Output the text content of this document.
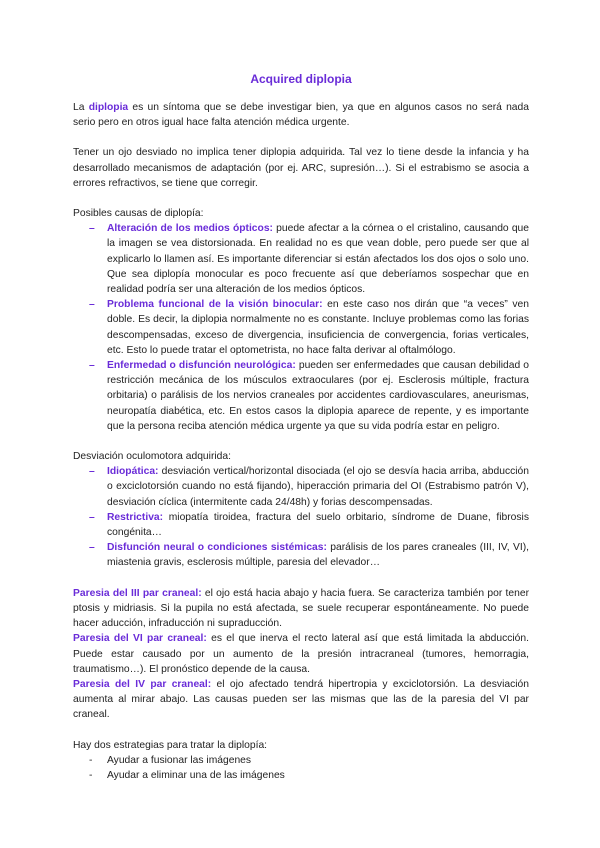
Acquired diplopia

La diplopia es un síntoma que se debe investigar bien, ya que en algunos casos no será nada serio pero en otros igual hace falta atención médica urgente.

Tener un ojo desviado no implica tener diplopia adquirida. Tal vez lo tiene desde la infancia y ha desarrollado mecanismos de adaptación (por ej. ARC, supresión…). Si el estrabismo se asocia a errores refractivos, se tiene que corregir.

Posibles causas de diplopía:

– Alteración de los medios ópticos: puede afectar a la córnea o el cristalino, causando que la imagen se vea distorsionada. En realidad no es que vean doble, pero puede ser que al explicarlo lo llamen así. Es importante diferenciar si están afectados los dos ojos o solo uno. Que sea diplopía monocular es poco frecuente así que deberíamos sospechar que en realidad podría ser una alteración de los medios ópticos.
– Problema funcional de la visión binocular: en este caso nos dirán que “a veces” ven doble. Es decir, la diplopia normalmente no es constante. Incluye problemas como las forias descompensadas, exceso de divergencia, insuficiencia de convergencia, forias verticales, etc. Esto lo puede tratar el optometrista, no hace falta derivar al oftalmólogo.
– Enfermedad o disfunción neurológica: pueden ser enfermedades que causan debilidad o restricción mecánica de los músculos extraoculares (por ej. Esclerosis múltiple, fractura orbitaria) o parálisis de los nervios craneales por accidentes cardiovasculares, aneurismas, neuropatía diabética, etc. En estos casos la diplopia aparece de repente, y es importante que la persona reciba atención médica urgente ya que su vida podría estar en peligro.

Desviación oculomotora adquirida:

– Idiopática: desviación vertical/horizontal disociada (el ojo se desvía hacia arriba, abducción o exciclotorsión cuando no está fijando), hiperacción primaria del OI (Estrabismo patrón V), desviación cíclica (intermitente cada 24/48h) y forias descompensadas.
– Restrictiva: miopatía tiroidea, fractura del suelo orbitario, síndrome de Duane, fibrosis congénita…
– Disfunción neural o condiciones sistémicas: parálisis de los pares craneales (III, IV, VI), miastenia gravis, esclerosis múltiple, paresia del elevador…

Paresia del III par craneal: el ojo está hacia abajo y hacia fuera. Se caracteriza también por tener ptosis y midriasis. Si la pupila no está afectada, se suele recuperar espontáneamente. No puede hacer aducción, infraducción ni supraducción.

Paresia del VI par craneal: es el que inerva el recto lateral así que está limitada la abducción. Puede estar causado por un aumento de la presión intracraneal (tumores, hemorragia, traumatismo…). El pronóstico depende de la causa.

Paresia del IV par craneal: el ojo afectado tendrá hipertropia y exciclotorsión. La desviación aumenta al mirar abajo. Las causas pueden ser las mismas que las de la paresia del VI par craneal.

Hay dos estrategias para tratar la diplopía:

- Ayudar a fusionar las imágenes
- Ayudar a eliminar una de las imágenes
